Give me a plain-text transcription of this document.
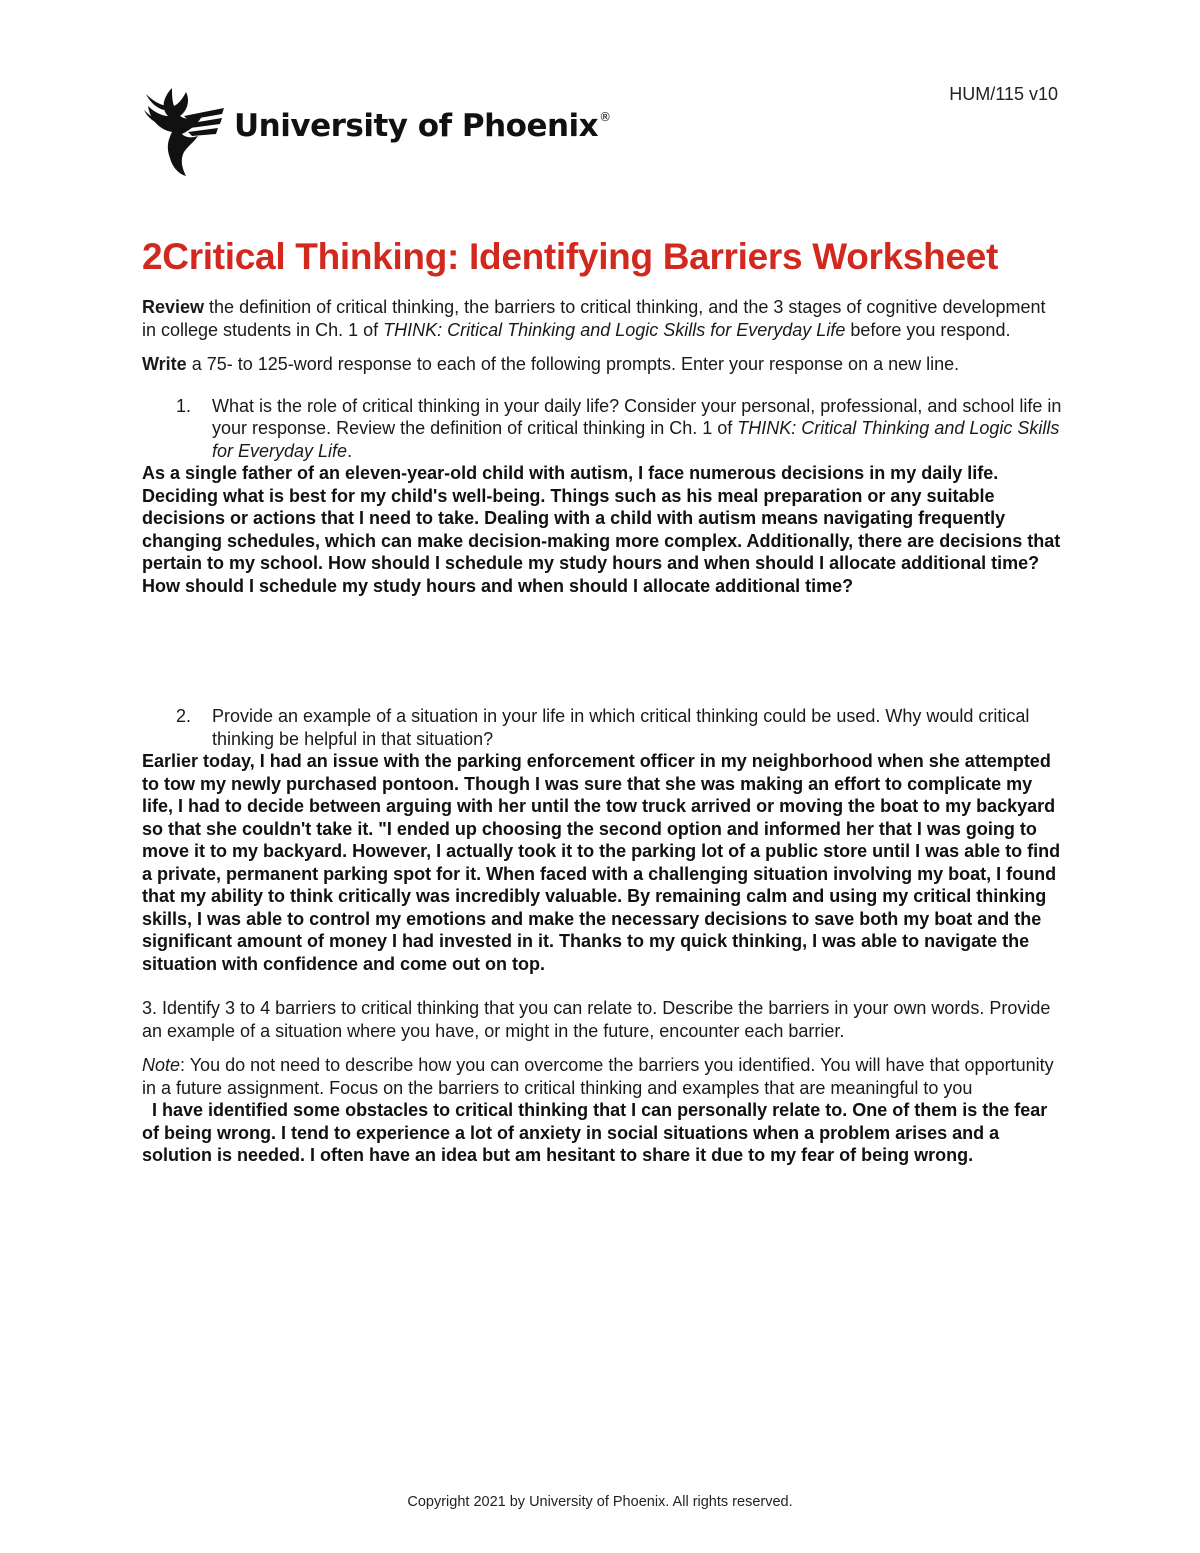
HUM/115 v10
University of Phoenix®
2Critical Thinking: Identifying Barriers Worksheet

Review the definition of critical thinking, the barriers to critical thinking, and the 3 stages of cognitive development in college students in Ch. 1 of THINK: Critical Thinking and Logic Skills for Everyday Life before you respond.

Write a 75- to 125-word response to each of the following prompts. Enter your response on a new line.

1. What is the role of critical thinking in your daily life? Consider your personal, professional, and school life in your response. Review the definition of critical thinking in Ch. 1 of THINK: Critical Thinking and Logic Skills for Everyday Life.

As a single father of an eleven-year-old child with autism, I face numerous decisions in my daily life. Deciding what is best for my child's well-being. Things such as his meal preparation or any suitable decisions or actions that I need to take. Dealing with a child with autism means navigating frequently changing schedules, which can make decision-making more complex. Additionally, there are decisions that pertain to my school. How should I schedule my study hours and when should I allocate additional time? How should I schedule my study hours and when should I allocate additional time?

2. Provide an example of a situation in your life in which critical thinking could be used. Why would critical thinking be helpful in that situation?

Earlier today, I had an issue with the parking enforcement officer in my neighborhood when she attempted to tow my newly purchased pontoon. Though I was sure that she was making an effort to complicate my life, I had to decide between arguing with her until the tow truck arrived or moving the boat to my backyard so that she couldn't take it. "I ended up choosing the second option and informed her that I was going to move it to my backyard. However, I actually took it to the parking lot of a public store until I was able to find a private, permanent parking spot for it. When faced with a challenging situation involving my boat, I found that my ability to think critically was incredibly valuable. By remaining calm and using my critical thinking skills, I was able to control my emotions and make the necessary decisions to save both my boat and the significant amount of money I had invested in it. Thanks to my quick thinking, I was able to navigate the situation with confidence and come out on top.

3. Identify 3 to 4 barriers to critical thinking that you can relate to. Describe the barriers in your own words. Provide an example of a situation where you have, or might in the future, encounter each barrier.

Note: You do not need to describe how you can overcome the barriers you identified. You will have that opportunity in a future assignment. Focus on the barriers to critical thinking and examples that are meaningful to you

I have identified some obstacles to critical thinking that I can personally relate to. One of them is the fear of being wrong. I tend to experience a lot of anxiety in social situations when a problem arises and a solution is needed. I often have an idea but am hesitant to share it due to my fear of being wrong.

Copyright 2021 by University of Phoenix. All rights reserved.
